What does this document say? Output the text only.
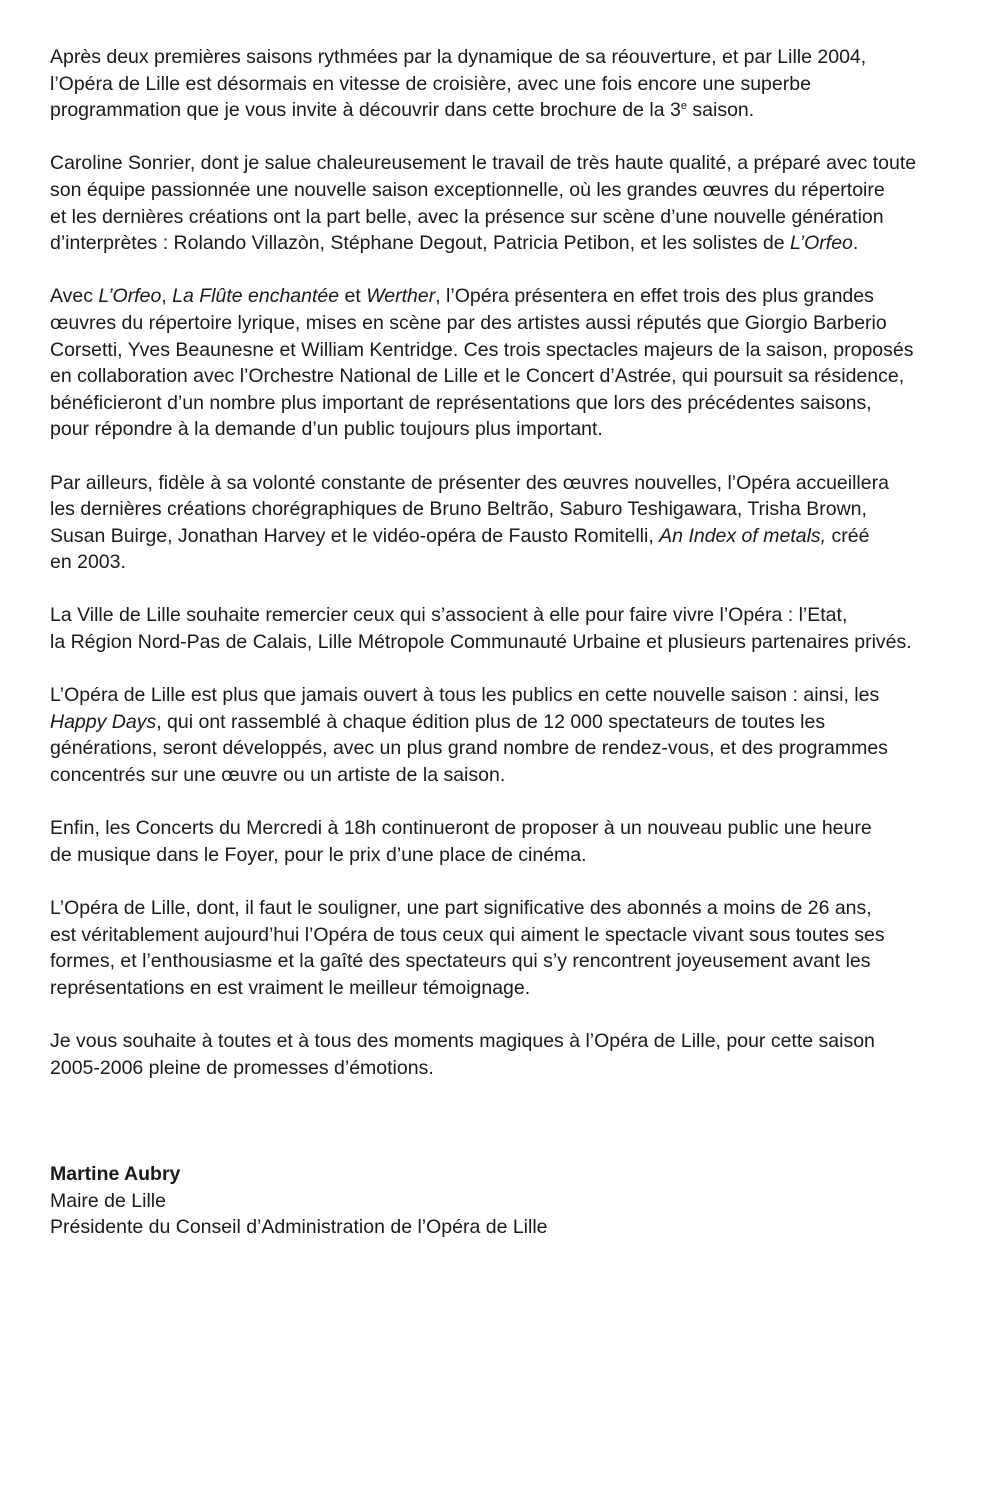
Après deux premières saisons rythmées par la dynamique de sa réouverture, et par Lille 2004,
l’Opéra de Lille est désormais en vitesse de croisière, avec une fois encore une superbe
programmation que je vous invite à découvrir dans cette brochure de la 3e saison.

Caroline Sonrier, dont je salue chaleureusement le travail de très haute qualité, a préparé avec toute
son équipe passionnée une nouvelle saison exceptionnelle, où les grandes œuvres du répertoire
et les dernières créations ont la part belle, avec la présence sur scène d’une nouvelle génération
d’interprètes : Rolando Villazòn, Stéphane Degout, Patricia Petibon, et les solistes de L’Orfeo.

Avec L’Orfeo, La Flûte enchantée et Werther, l’Opéra présentera en effet trois des plus grandes
œuvres du répertoire lyrique, mises en scène par des artistes aussi réputés que Giorgio Barberio
Corsetti, Yves Beaunesne et William Kentridge. Ces trois spectacles majeurs de la saison, proposés
en collaboration avec l’Orchestre National de Lille et le Concert d’Astrée, qui poursuit sa résidence,
bénéficieront d’un nombre plus important de représentations que lors des précédentes saisons,
pour répondre à la demande d’un public toujours plus important.

Par ailleurs, fidèle à sa volonté constante de présenter des œuvres nouvelles, l’Opéra accueillera
les dernières créations chorégraphiques de Bruno Beltrão, Saburo Teshigawara, Trisha Brown,
Susan Buirge, Jonathan Harvey et le vidéo-opéra de Fausto Romitelli, An Index of metals, créé
en 2003.

La Ville de Lille souhaite remercier ceux qui s’associent à elle pour faire vivre l’Opéra : l’Etat,
la Région Nord-Pas de Calais, Lille Métropole Communauté Urbaine et plusieurs partenaires privés.

L’Opéra de Lille est plus que jamais ouvert à tous les publics en cette nouvelle saison : ainsi, les
Happy Days, qui ont rassemblé à chaque édition plus de 12 000 spectateurs de toutes les
générations, seront développés, avec un plus grand nombre de rendez-vous, et des programmes
concentrés sur une œuvre ou un artiste de la saison.

Enfin, les Concerts du Mercredi à 18h continueront de proposer à un nouveau public une heure
de musique dans le Foyer, pour le prix d’une place de cinéma.

L’Opéra de Lille, dont, il faut le souligner, une part significative des abonnés a moins de 26 ans,
est véritablement aujourd’hui l’Opéra de tous ceux qui aiment le spectacle vivant sous toutes ses
formes, et l’enthousiasme et la gaîté des spectateurs qui s’y rencontrent joyeusement avant les
représentations en est vraiment le meilleur témoignage.

Je vous souhaite à toutes et à tous des moments magiques à l’Opéra de Lille, pour cette saison
2005-2006 pleine de promesses d’émotions.

Martine Aubry
Maire de Lille
Présidente du Conseil d’Administration de l’Opéra de Lille
